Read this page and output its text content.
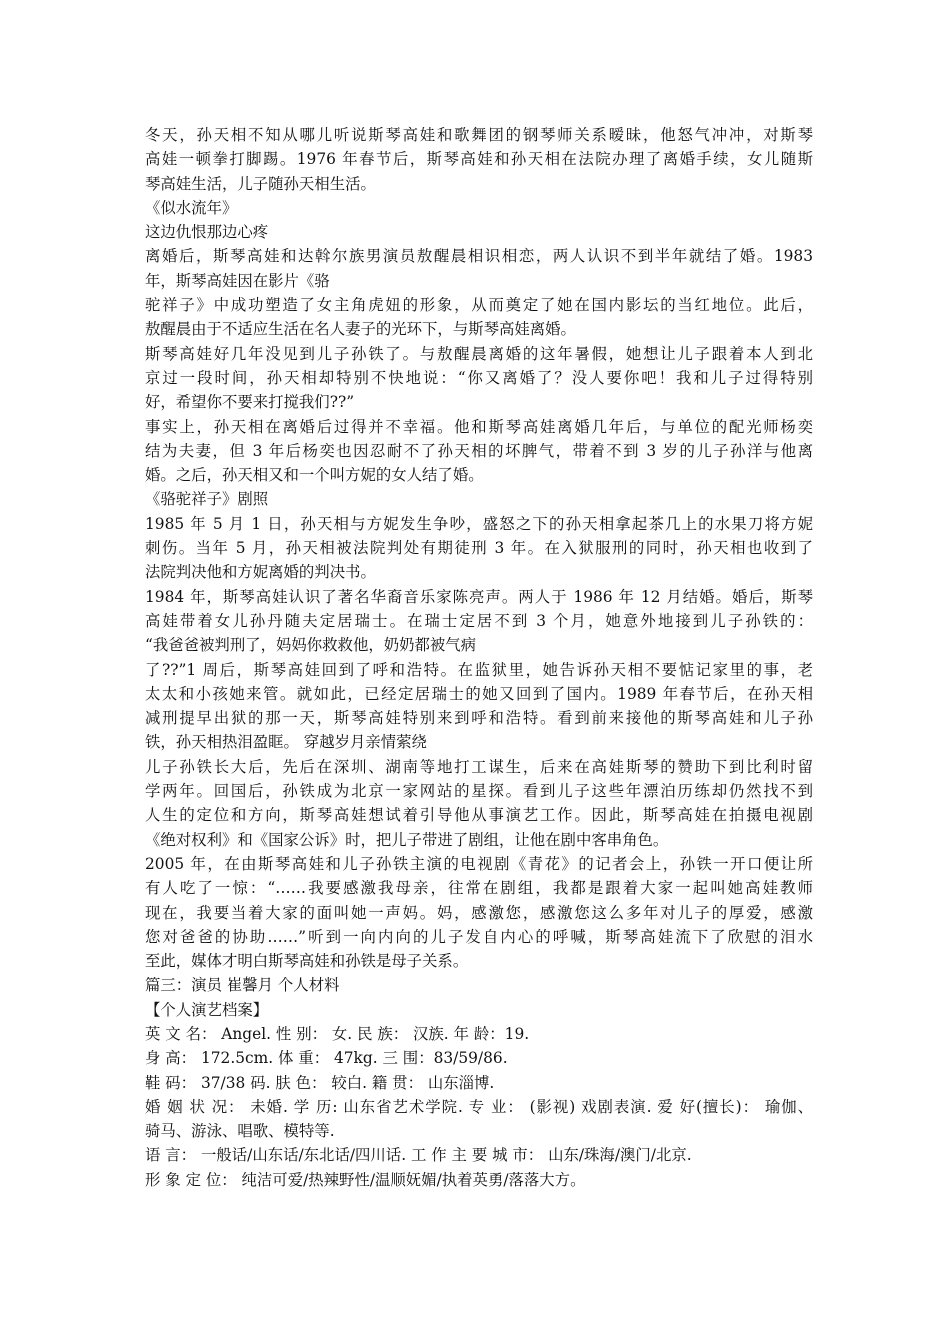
冬天，孙天相不知从哪儿听说斯琴高娃和歌舞团的钢琴师关系暧昧，他怒气冲冲，对斯琴
高娃一顿拳打脚踢。1976 年春节后，斯琴高娃和孙天相在法院办理了离婚手续，女儿随斯
琴高娃生活，儿子随孙天相生活。
《似水流年》
这边仇恨那边心疼
离婚后，斯琴高娃和达斡尔族男演员敖醒晨相识相恋，两人认识不到半年就结了婚。1983
年，斯琴高娃因在影片《骆
驼祥子》中成功塑造了女主角虎妞的形象，从而奠定了她在国内影坛的当红地位。此后，
敖醒晨由于不适应生活在名人妻子的光环下，与斯琴高娃离婚。
斯琴高娃好几年没见到儿子孙铁了。与敖醒晨离婚的这年暑假，她想让儿子跟着本人到北
京过一段时间，孙天相却特别不快地说：“你又离婚了？没人要你吧！我和儿子过得特别
好，希望你不要来打搅我们??”
事实上，孙天相在离婚后过得并不幸福。他和斯琴高娃离婚几年后，与单位的配光师杨奕
结为夫妻，但 3 年后杨奕也因忍耐不了孙天相的坏脾气，带着不到 3 岁的儿子孙洋与他离
婚。之后，孙天相又和一个叫方妮的女人结了婚。
《骆驼祥子》剧照
1985 年 5 月 1 日，孙天相与方妮发生争吵，盛怒之下的孙天相拿起茶几上的水果刀将方妮
刺伤。当年 5 月，孙天相被法院判处有期徒刑 3 年。在入狱服刑的同时，孙天相也收到了
法院判决他和方妮离婚的判决书。
1984 年，斯琴高娃认识了著名华裔音乐家陈亮声。两人于 1986 年 12 月结婚。婚后，斯琴
高娃带着女儿孙丹随夫定居瑞士。在瑞士定居不到 3 个月，她意外地接到儿子孙铁的：
“我爸爸被判刑了，妈妈你救救他，奶奶都被气病
了??”1 周后，斯琴高娃回到了呼和浩特。在监狱里，她告诉孙天相不要惦记家里的事，老
太太和小孩她来管。就如此，已经定居瑞士的她又回到了国内。1989 年春节后，在孙天相
减刑提早出狱的那一天，斯琴高娃特别来到呼和浩特。看到前来接他的斯琴高娃和儿子孙
铁，孙天相热泪盈眶。 穿越岁月亲情萦绕
儿子孙铁长大后，先后在深圳、湖南等地打工谋生，后来在高娃斯琴的赞助下到比利时留
学两年。回国后，孙铁成为北京一家网站的星探。看到儿子这些年漂泊历练却仍然找不到
人生的定位和方向，斯琴高娃想试着引导他从事演艺工作。因此，斯琴高娃在拍摄电视剧
《绝对权利》和《国家公诉》时，把儿子带进了剧组，让他在剧中客串角色。
2005 年，在由斯琴高娃和儿子孙铁主演的电视剧《青花》的记者会上，孙铁一开口便让所
有人吃了一惊：“……我要感激我母亲，往常在剧组，我都是跟着大家一起叫她高娃教师
现在，我要当着大家的面叫她一声妈。妈，感激您，感激您这么多年对儿子的厚爱，感激
您对爸爸的协助……”听到一向内向的儿子发自内心的呼喊，斯琴高娃流下了欣慰的泪水
至此，媒体才明白斯琴高娃和孙铁是母子关系。
篇三：演员 崔馨月 个人材料
【个人演艺档案】
英 文 名： Angel. 性 别： 女. 民 族： 汉族. 年 龄：19.
身 高： 172.5cm. 体 重： 47kg. 三 围：83/59/86.
鞋 码： 37/38 码. 肤 色： 较白. 籍 贯： 山东淄博.
婚 姻 状 况： 未婚. 学 历: 山东省艺术学院. 专 业： (影视) 戏剧表演. 爱 好(擅长)： 瑜伽、
骑马、游泳、唱歌、模特等.
语 言： 一般话/山东话/东北话/四川话. 工 作 主 要 城 市： 山东/珠海/澳门/北京.
形 象 定 位： 纯洁可爱/热辣野性/温顺妩媚/执着英勇/落落大方。
